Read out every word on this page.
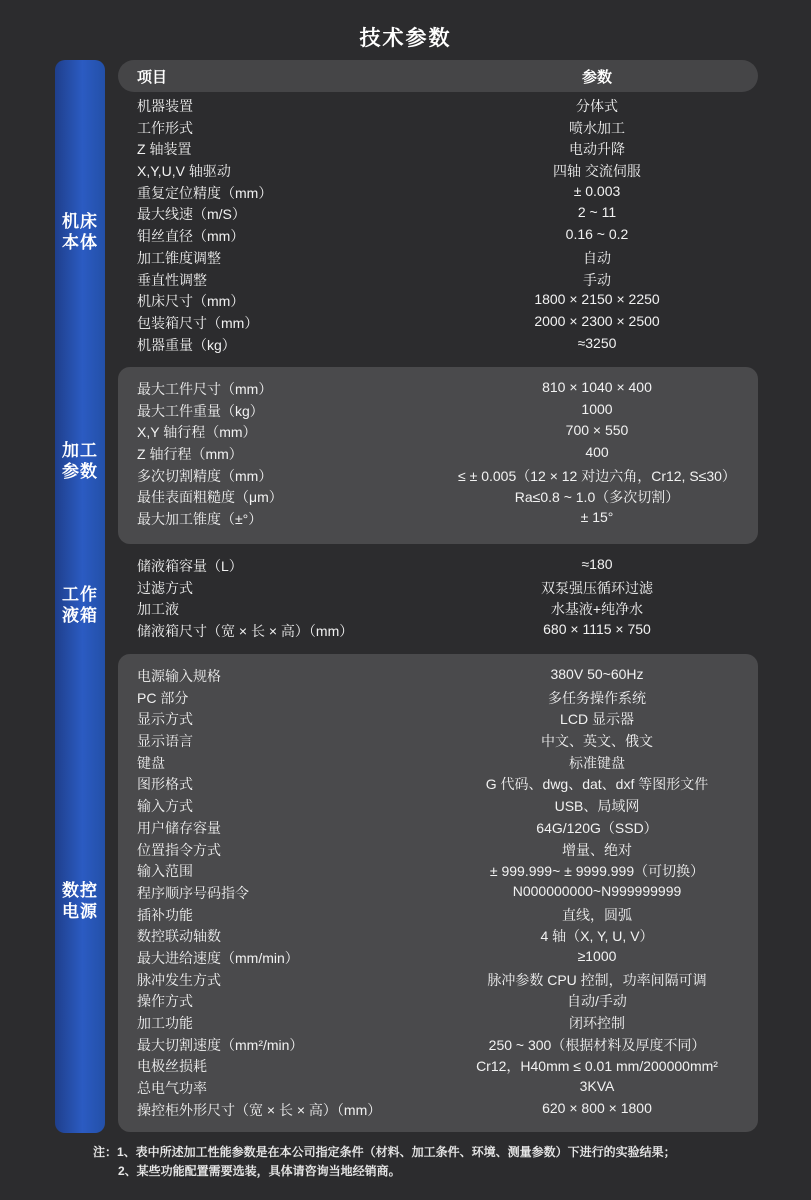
技术参数
项目	参数
机床
本体
加工
参数
工作
液箱
数控
电源
机器装置	分体式
工作形式	喷水加工
Z 轴装置	电动升降
X,Y,U,V 轴驱动	四轴 交流伺服
重复定位精度（mm）	± 0.003
最大线速（m/S）	2 ~ 11
钼丝直径（mm）	0.16 ~ 0.2
加工锥度调整	自动
垂直性调整	手动
机床尺寸（mm）	1800 × 2150 × 2250
包装箱尺寸（mm）	2000 × 2300 × 2500
机器重量（kg）	≈3250
最大工件尺寸（mm）	810 × 1040 × 400
最大工件重量（kg）	1000
X,Y 轴行程（mm）	700 × 550
Z 轴行程（mm）	400
多次切割精度（mm）	≤ ± 0.005（12 × 12 对边六角，Cr12, S≤30）
最佳表面粗糙度（μm）	Ra≤0.8 ~ 1.0（多次切割）
最大加工锥度（±°）	± 15°
储液箱容量（L）	≈180
过滤方式	双泵强压循环过滤
加工液	水基液+纯净水
储液箱尺寸（宽 × 长 × 高）（mm）	680 × 1115 × 750
电源输入规格	380V 50~60Hz
PC 部分	多任务操作系统
显示方式	LCD 显示器
显示语言	中文、英文、俄文
键盘	标准键盘
图形格式	G 代码、dwg、dat、dxf 等图形文件
输入方式	USB、局域网
用户储存容量	64G/120G（SSD）
位置指令方式	增量、绝对
输入范围	± 999.999~ ± 9999.999（可切换）
程序顺序号码指令	N000000000~N999999999
插补功能	直线，圆弧
数控联动轴数	4 轴（X, Y, U, V）
最大进给速度（mm/min）	≥1000
脉冲发生方式	脉冲参数 CPU 控制，功率间隔可调
操作方式	自动/手动
加工功能	闭环控制
最大切割速度（mm²/min）	250 ~ 300（根据材料及厚度不同）
电极丝损耗	Cr12，H40mm ≤ 0.01 mm/200000mm²
总电气功率	3KVA
操控柜外形尺寸（宽 × 长 × 高）（mm）	620 × 800 × 1800
注：1、表中所述加工性能参数是在本公司指定条件（材料、加工条件、环境、测量参数）下进行的实验结果；
2、某些功能配置需要选装，具体请咨询当地经销商。
